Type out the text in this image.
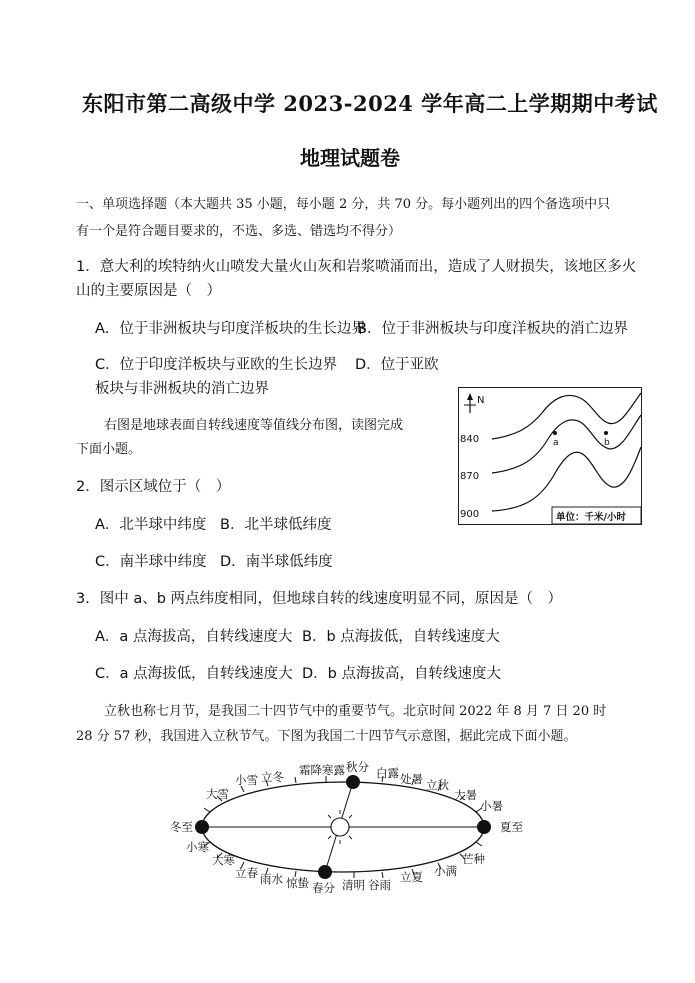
东阳市第二高级中学 2023-2024 学年高二上学期期中考试
地理试题卷
一、单项选择题（本大题共 35 小题，每小题 2 分，共 70 分。每小题列出的四个备选项中只
有一个是符合题目要求的，不选、多选、错选均不得分）
1．意大利的埃特纳火山喷发大量火山灰和岩浆喷涌而出，造成了人财损失，该地区多火
山的主要原因是（　）
A．位于非洲板块与印度洋板块的生长边界
B．位于非洲板块与印度洋板块的消亡边界
C．位于印度洋板块与亚欧的生长边界 D．位于亚欧
板块与非洲板块的消亡边界
右图是地球表面自转线速度等值线分布图，读图完成
下面小题。
N
840
870
900
a	b
单位：千米/小时
2．图示区域位于（　）
A．北半球中纬度 B．北半球低纬度
C．南半球中纬度 D．南半球低纬度
3．图中 a、b 两点纬度相同，但地球自转的线速度明显不同，原因是（　）
A．a 点海拔高，自转线速度大 B．b 点海拔低，自转线速度大
C．a 点海拔低，自转线速度大 D．b 点海拔高，自转线速度大
立秋也称七月节，是我国二十四节气中的重要节气。北京时间 2022 年 8 月 7 日 20 时
28 分 57 秒，我国进入立秋节气。下图为我国二十四节气示意图，据此完成下面小题。
小雪 立冬 霜降 寒露 秋分 白露 处暑 立秋
大暑
小暑
夏至
芒种
小满
立夏
谷雨
清明
春分
惊蛰
雨水
立春
大寒
小寒
冬至
大雪
